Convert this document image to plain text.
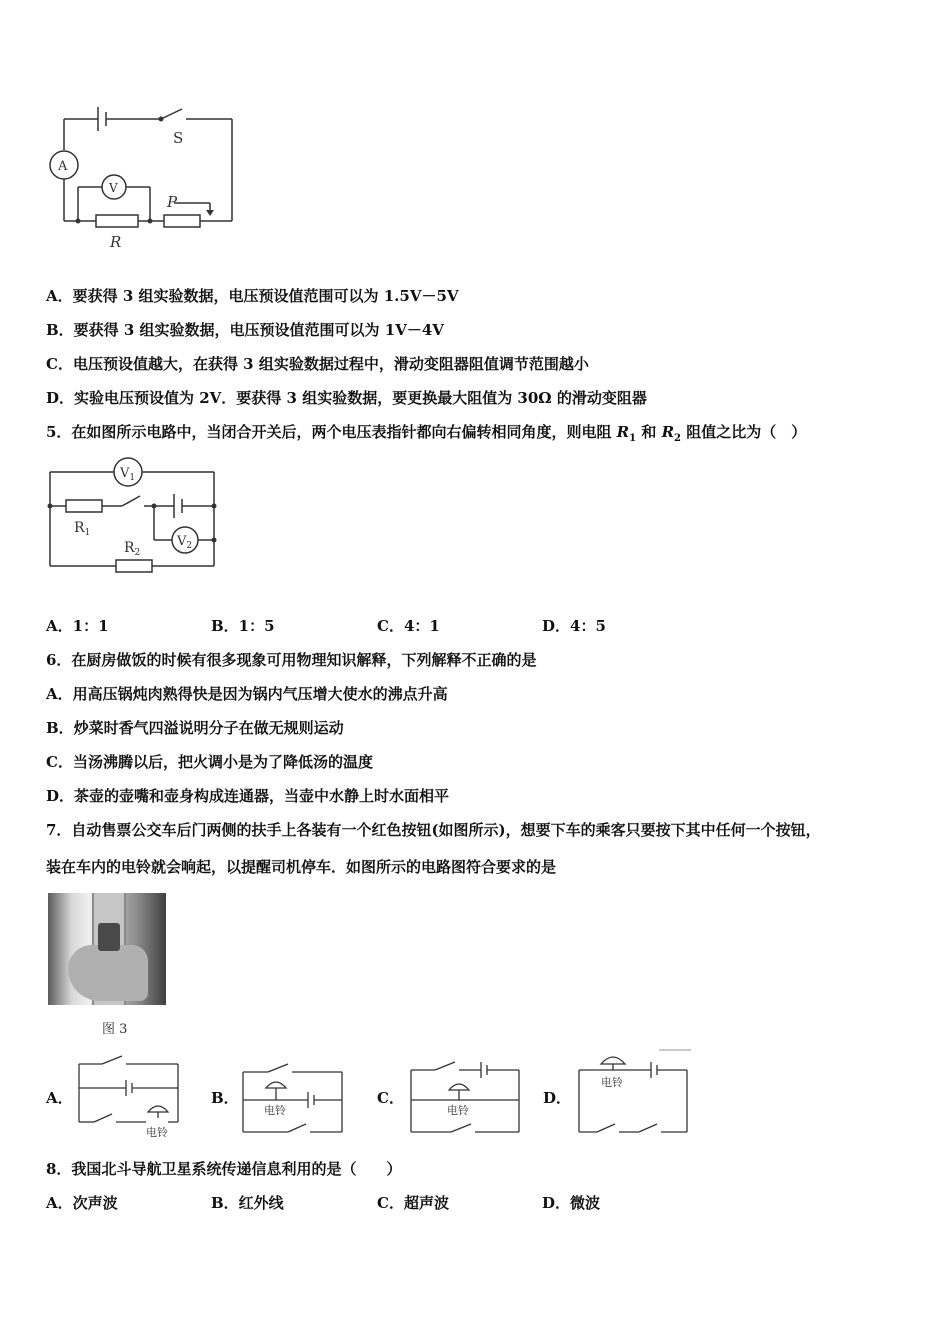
S
A
V
P
R
A．要获得 3 组实验数据，电压预设值范围可以为 1.5V－5V
B．要获得 3 组实验数据，电压预设值范围可以为 1V－4V
C．电压预设值越大，在获得 3 组实验数据过程中，滑动变阻器阻值调节范围越小
D．实验电压预设值为 2V．要获得 3 组实验数据，要更换最大阻值为 30Ω 的滑动变阻器
5．在如图所示电路中，当闭合开关后，两个电压表指针都向右偏转相同角度，则电阻 $R_1$ 和 $R_2$ 阻值之比为（　）
$V_1$
$V_2$
$R_1$
$R_2$
A．1：1	B．1：5	C．4：1	D．4：5
6．在厨房做饭的时候有很多现象可用物理知识解释，下列解释不正确的是
A．用高压锅炖肉熟得快是因为锅内气压增大使水的沸点升高
B．炒菜时香气四溢说明分子在做无规则运动
C．当汤沸腾以后，把火调小是为了降低汤的温度
D．茶壶的壶嘴和壶身构成连通器，当壶中水静上时水面相平
7．自动售票公交车后门两侧的扶手上各装有一个红色按钮(如图所示)，想要下车的乘客只要按下其中任何一个按钮，
装在车内的电铃就会响起，以提醒司机停车．如图所示的电路图符合要求的是
图 3
A．
电铃
B．
电铃
C．
电铃
D．
电铃
8．我国北斗导航卫星系统传递信息利用的是（　　）
A．次声波	B．红外线	C．超声波	D．微波
